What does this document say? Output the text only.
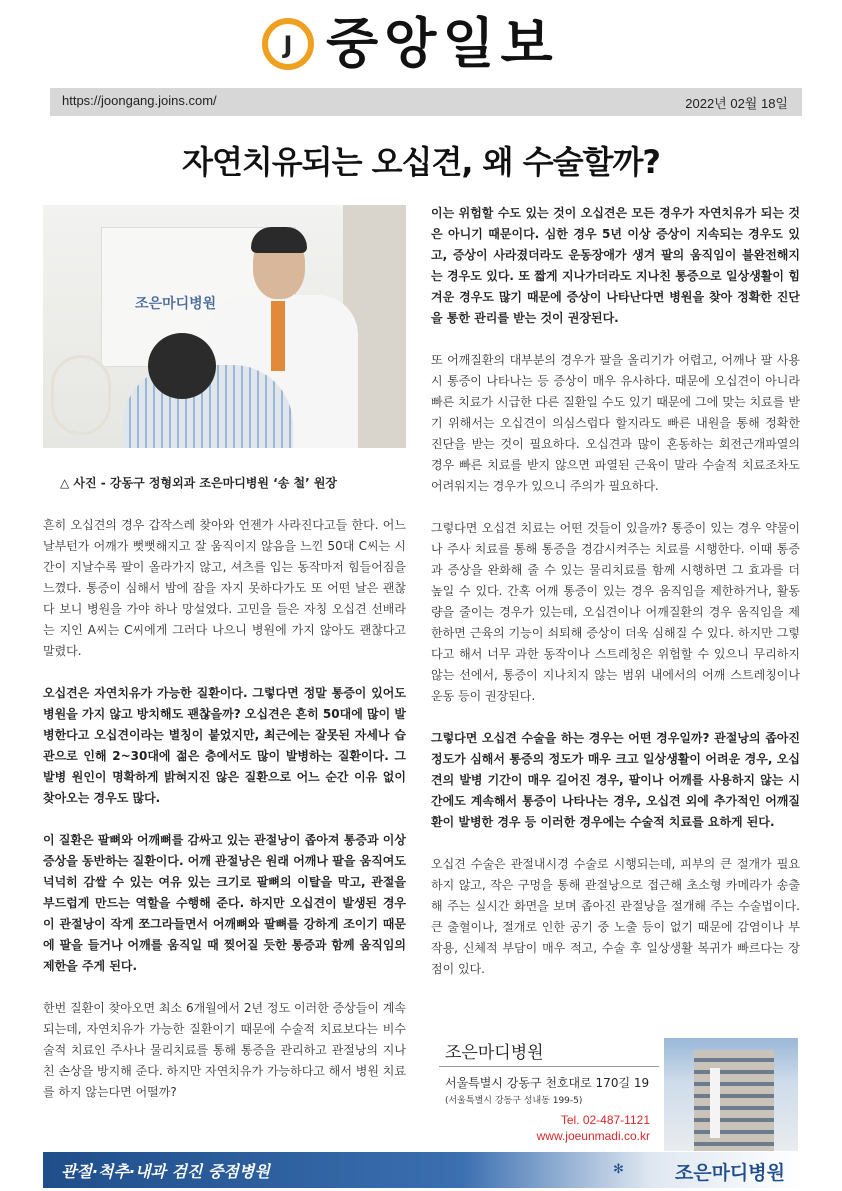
J 중앙일보
https://joongang.joins.com/	2022년 02월 18일
자연치유되는 오십견, 왜 수술할까?
조은마디병원
△ 사진 - 강동구 정형외과 조은마디병원 ‘송 철’ 원장

흔히 오십견의 경우 갑작스레 찾아와 언젠가 사라진다고들 한다. 어느 날부턴가 어깨가 뻣뻣해지고 잘 움직이지 않음을 느낀 50대 C씨는 시간이 지날수록 팔이 올라가지 않고, 셔츠를 입는 동작마저 힘들어짐을 느꼈다. 통증이 심해서 밤에 잠을 자지 못하다가도 또 어떤 날은 괜찮다 보니 병원을 가야 하나 망설였다. 고민을 들은 자칭 오십견 선배라는 지인 A씨는 C씨에게 그러다 나으니 병원에 가지 않아도 괜찮다고 말렸다.

오십견은 자연치유가 가능한 질환이다. 그렇다면 정말 통증이 있어도 병원을 가지 않고 방치해도 괜찮을까? 오십견은 흔히 50대에 많이 발병한다고 오십견이라는 별칭이 붙었지만, 최근에는 잘못된 자세나 습관으로 인해 2~30대에 젊은 층에서도 많이 발병하는 질환이다. 그 발병 원인이 명확하게 밝혀지진 않은 질환으로 어느 순간 이유 없이 찾아오는 경우도 많다.

이 질환은 팔뼈와 어깨뼈를 감싸고 있는 관절낭이 좁아져 통증과 이상 증상을 동반하는 질환이다. 어깨 관절낭은 원래 어깨나 팔을 움직여도 넉넉히 감쌀 수 있는 여유 있는 크기로 팔뼈의 이탈을 막고, 관절을 부드럽게 만드는 역할을 수행해 준다. 하지만 오십견이 발생된 경우 이 관절낭이 작게 쪼그라들면서 어깨뼈와 팔뼈를 강하게 조이기 때문에 팔을 들거나 어깨를 움직일 때 찢어질 듯한 통증과 함께 움직임의 제한을 주게 된다.

한번 질환이 찾아오면 최소 6개월에서 2년 정도 이러한 증상들이 계속되는데, 자연치유가 가능한 질환이기 때문에 수술적 치료보다는 비수술적 치료인 주사나 물리치료를 통해 통증을 관리하고 관절낭의 지나친 손상을 방지해 준다. 하지만 자연치유가 가능하다고 해서 병원 치료를 하지 않는다면 어떨까?

이는 위험할 수도 있는 것이 오십견은 모든 경우가 자연치유가 되는 것은 아니기 때문이다. 심한 경우 5년 이상 증상이 지속되는 경우도 있고, 증상이 사라졌더라도 운동장애가 생겨 팔의 움직임이 불완전해지는 경우도 있다. 또 짧게 지나가더라도 지나친 통증으로 일상생활이 힘겨운 경우도 많기 때문에 증상이 나타난다면 병원을 찾아 정확한 진단을 통한 관리를 받는 것이 권장된다.

또 어깨질환의 대부분의 경우가 팔을 올리기가 어렵고, 어깨나 팔 사용 시 통증이 나타나는 등 증상이 매우 유사하다. 때문에 오십견이 아니라 빠른 치료가 시급한 다른 질환일 수도 있기 때문에 그에 맞는 치료를 받기 위해서는 오십견이 의심스럽다 할지라도 빠른 내원을 통해 정확한 진단을 받는 것이 필요하다. 오십견과 많이 혼동하는 회전근개파열의 경우 빠른 치료를 받지 않으면 파열된 근육이 말라 수술적 치료조차도 어려워지는 경우가 있으니 주의가 필요하다.

그렇다면 오십견 치료는 어떤 것들이 있을까? 통증이 있는 경우 약물이나 주사 치료를 통해 통증을 경감시켜주는 치료를 시행한다. 이때 통증과 증상을 완화해 줄 수 있는 물리치료를 함께 시행하면 그 효과를 더 높일 수 있다. 간혹 어깨 통증이 있는 경우 움직임을 제한하거나, 활동량을 줄이는 경우가 있는데, 오십견이나 어깨질환의 경우 움직임을 제한하면 근육의 기능이 쇠퇴해 증상이 더욱 심해질 수 있다. 하지만 그렇다고 해서 너무 과한 동작이나 스트레칭은 위험할 수 있으니 무리하지 않는 선에서, 통증이 지나치지 않는 범위 내에서의 어깨 스트레칭이나 운동 등이 권장된다.

그렇다면 오십견 수술을 하는 경우는 어떤 경우일까? 관절낭의 좁아진 정도가 심해서 통증의 정도가 매우 크고 일상생활이 어려운 경우, 오십견의 발병 기간이 매우 길어진 경우, 팔이나 어깨를 사용하지 않는 시간에도 계속해서 통증이 나타나는 경우, 오십견 외에 추가적인 어깨질환이 발병한 경우 등 이러한 경우에는 수술적 치료를 요하게 된다.

오십견 수술은 관절내시경 수술로 시행되는데, 피부의 큰 절개가 필요하지 않고, 작은 구멍을 통해 관절낭으로 접근해 초소형 카메라가 송출해 주는 실시간 화면을 보며 좁아진 관절낭을 절개해 주는 수술법이다. 큰 출혈이나, 절개로 인한 공기 중 노출 등이 없기 때문에 감염이나 부작용, 신체적 부담이 매우 적고, 수술 후 일상생활 복귀가 빠르다는 장점이 있다.

조은마디병원
서울특별시 강동구 천호대로 170길 19
(서울특별시 강동구 성내동 199-5)
Tel. 02-487-1121
www.joeunmadi.co.kr
관절·척추·내과 검진 중점병원	✻	조은마디병원
